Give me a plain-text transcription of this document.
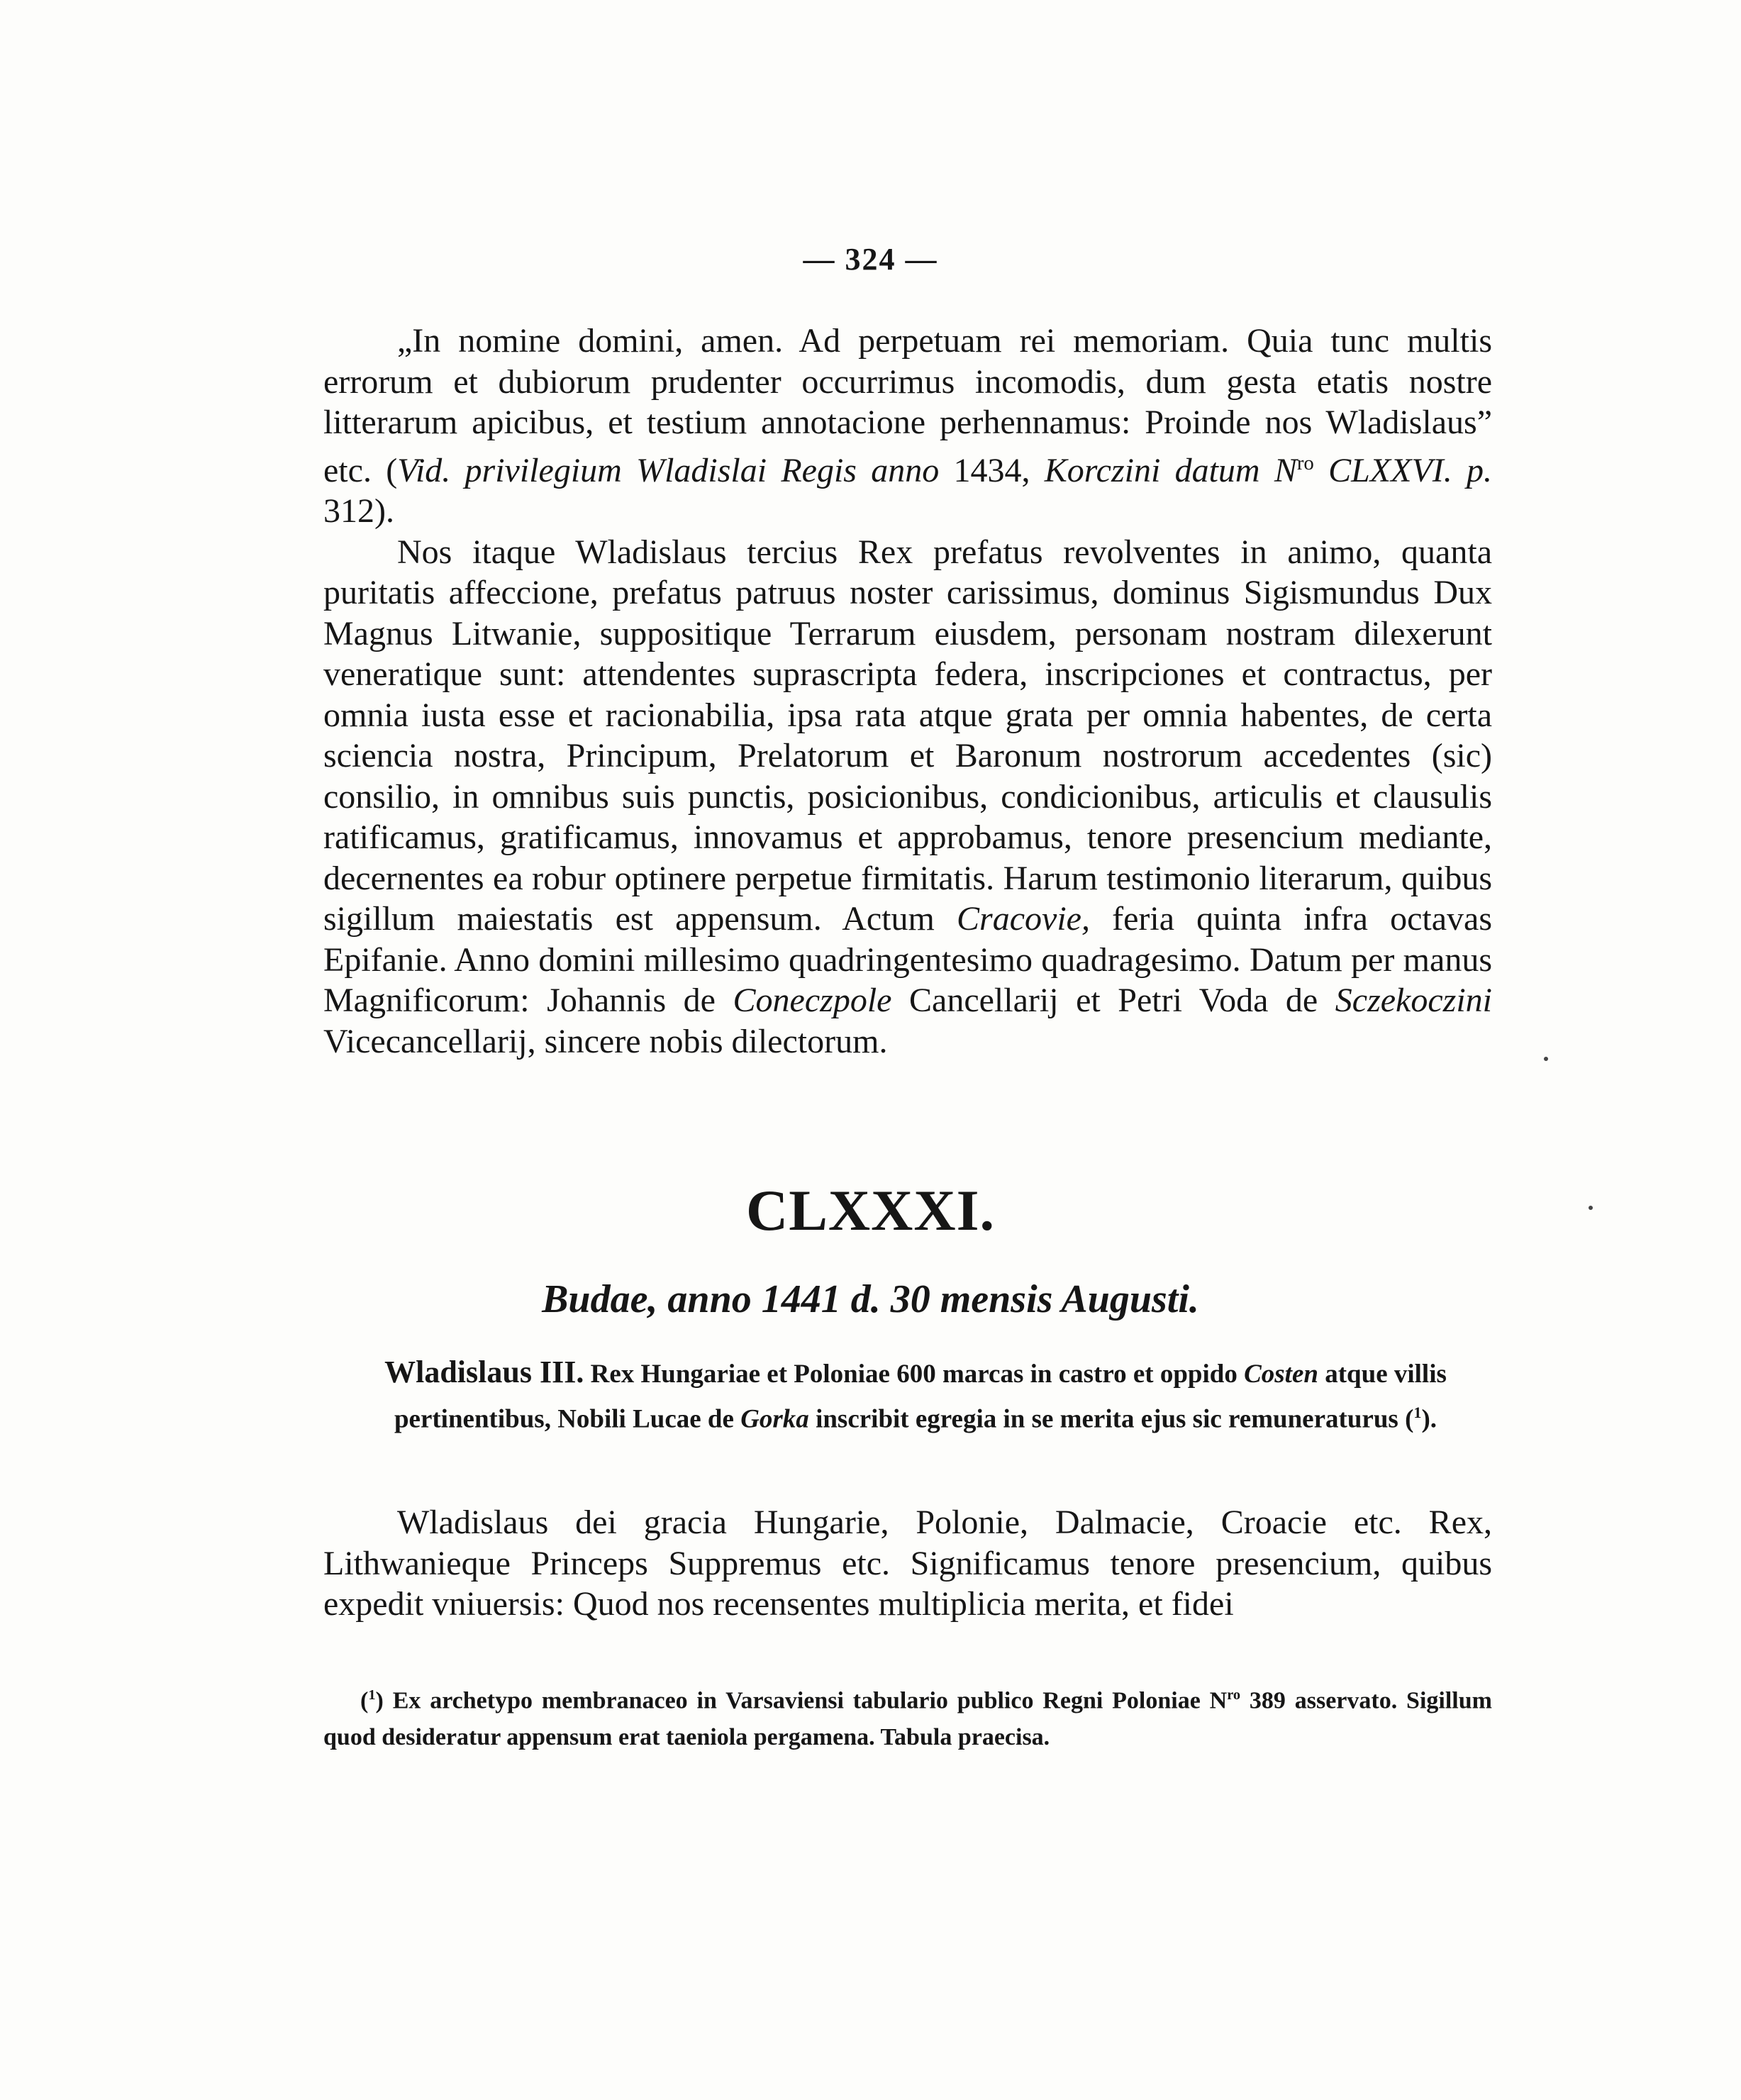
— 324 —

„In nomine domini, amen. Ad perpetuam rei memoriam. Quia tunc multis errorum et dubiorum prudenter occurrimus incomodis, dum gesta etatis nostre litterarum apicibus, et testium annotacione perhennamus: Proinde nos Wladislaus” etc. (Vid. privilegium Wladislai Regis anno 1434, Korczini datum $N^{ro}$ CLXXVI. p. 312).

Nos itaque Wladislaus tercius Rex prefatus revolventes in animo, quanta puritatis affeccione, prefatus patruus noster carissimus, dominus Sigismundus Dux Magnus Litwanie, suppositique Terrarum eiusdem, personam nostram dilexerunt veneratique sunt: attendentes suprascripta federa, inscripciones et contractus, per omnia iusta esse et racionabilia, ipsa rata atque grata per omnia habentes, de certa sciencia nostra, Principum, Prelatorum et Baronum nostrorum accedentes (sic) consilio, in omnibus suis punctis, posicionibus, condicionibus, articulis et clausulis ratificamus, gratificamus, innovamus et approbamus, tenore presencium mediante, decernentes ea robur optinere perpetue firmitatis. Harum testimonio literarum, quibus sigillum maiestatis est appensum. Actum Cracovie, feria quinta infra octavas Epifanie. Anno domini millesimo quadringentesimo quadragesimo. Datum per manus Magnificorum: Johannis de Coneczpole Cancellarij et Petri Voda de Sczekoczini Vicecancellarij, sincere nobis dilectorum.

CLXXXI.
Budae, anno 1441 d. 30 mensis Augusti.
Wladislaus III. Rex Hungariae et Poloniae 600 marcas in castro et oppido Costen atque villis pertinentibus, Nobili Lucae de Gorka inscribit egregia in se merita ejus sic remuneraturus ($^1$).

Wladislaus dei gracia Hungarie, Polonie, Dalmacie, Croacie etc. Rex, Lithwanieque Princeps Suppremus etc. Significamus tenore presencium, quibus expedit vniuersis: Quod nos recensentes multiplicia merita, et fidei

($^1$) Ex archetypo membranaceo in Varsaviensi tabulario publico Regni Poloniae $N^{ro}$ 389 asservato. Sigillum quod desideratur appensum erat taeniola pergamena. Tabula praecisa.
